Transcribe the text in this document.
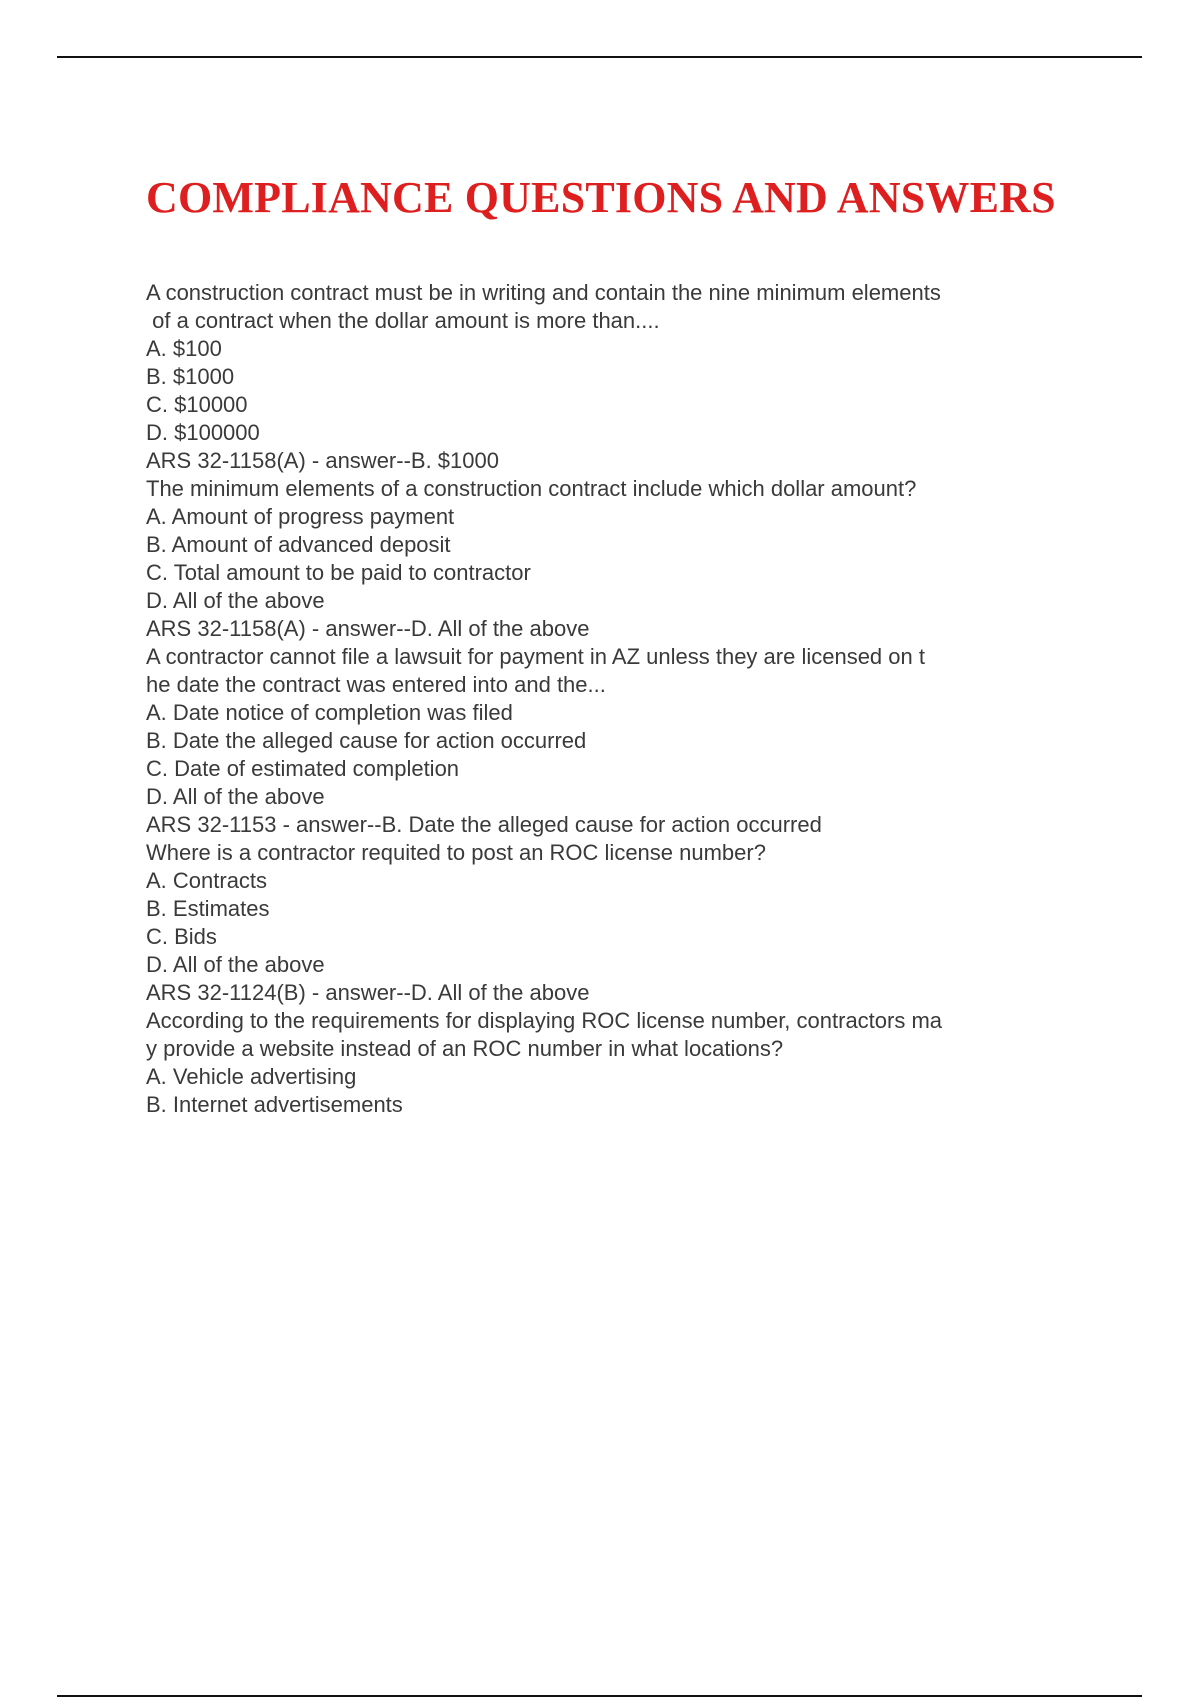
COMPLIANCE QUESTIONS AND ANSWERS

A construction contract must be in writing and contain the nine minimum elements
of a contract when the dollar amount is more than....

A. $100
B. $1000
C. $10000
D. $100000

ARS 32-1158(A) - answer--B. $1000

The minimum elements of a construction contract include which dollar amount?

A. Amount of progress payment
B. Amount of advanced deposit
C. Total amount to be paid to contractor
D. All of the above

ARS 32-1158(A) - answer--D. All of the above

A contractor cannot file a lawsuit for payment in AZ unless they are licensed on t
he date the contract was entered into and the...

A. Date notice of completion was filed
B. Date the alleged cause for action occurred
C. Date of estimated completion
D. All of the above

ARS 32-1153 - answer--B. Date the alleged cause for action occurred

Where is a contractor requited to post an ROC license number?

A. Contracts
B. Estimates
C. Bids
D. All of the above

ARS 32-1124(B) - answer--D. All of the above

According to the requirements for displaying ROC license number, contractors ma
y provide a website instead of an ROC number in what locations?

A. Vehicle advertising
B. Internet advertisements
